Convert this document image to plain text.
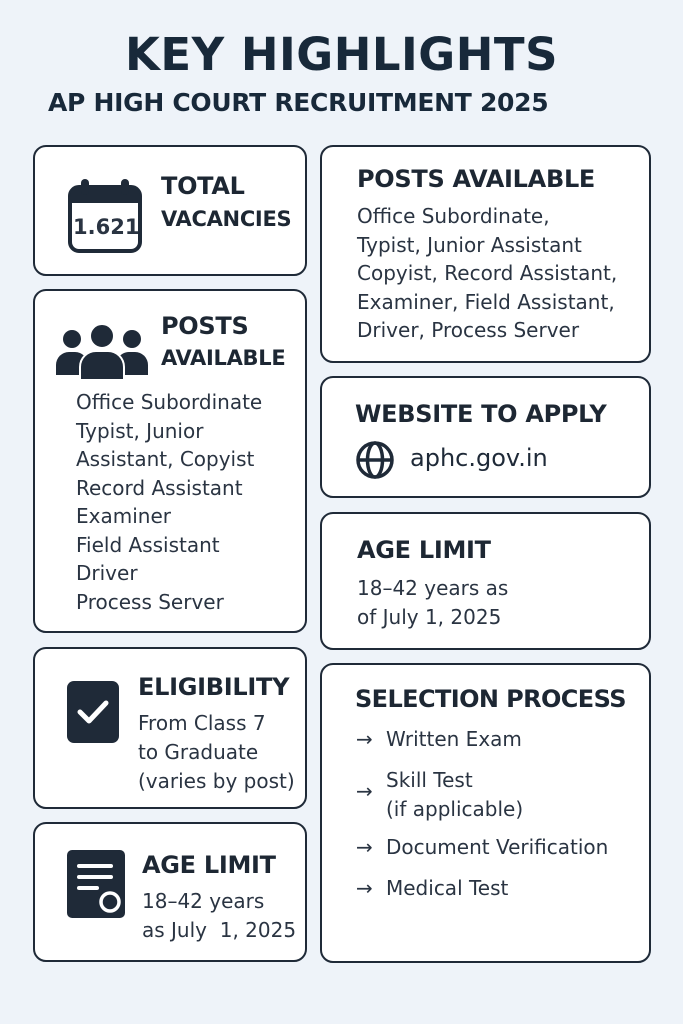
KEY HIGHLIGHTS
AP HIGH COURT RECRUITMENT 2025
1.621
TOTAL
VACANCIES
POSTS AVAILABLE
Office Subordinate,
Typist, Junior Assistant
Copyist, Record Assistant,
Examiner, Field Assistant,
Driver, Process Server
POSTS
AVAILABLE
Office Subordinate
Typist, Junior
Assistant, Copyist
Record Assistant
Examiner
Field Assistant
Driver
Process Server
WEBSITE TO APPLY
aphc.gov.in
AGE LIMIT
18–42 years as
of July 1, 2025
ELIGIBILITY
From Class 7
to Graduate
(varies by post)
SELECTION PROCESS
→ Written Exam
→ Skill Test
(if applicable)
→ Document Verification
→ Medical Test
AGE LIMIT
18–42 years
as July  1, 2025
